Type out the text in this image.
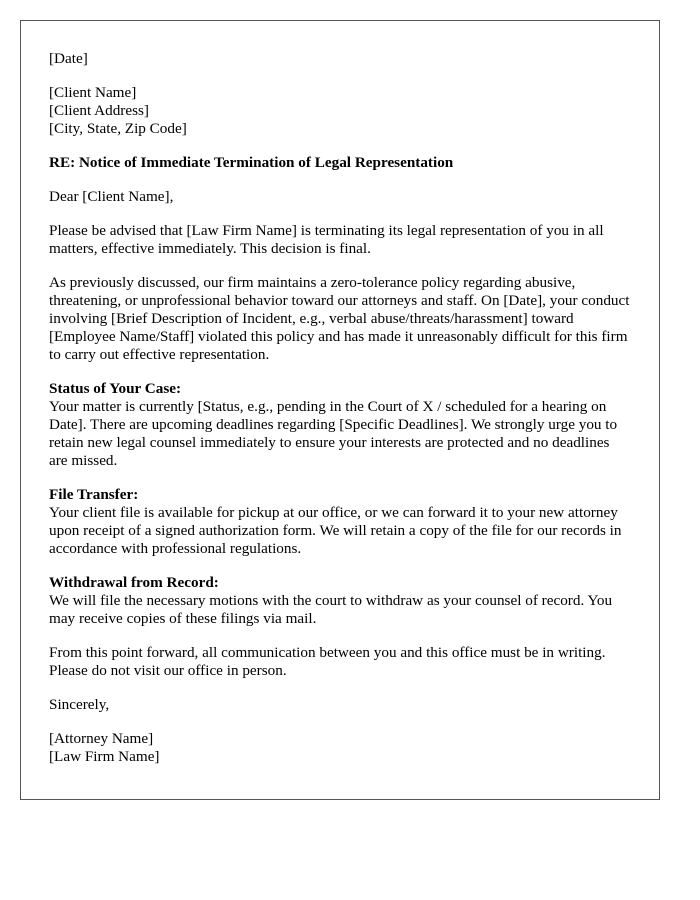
[Date]

[Client Name]
[Client Address]
[City, State, Zip Code]

RE: Notice of Immediate Termination of Legal Representation

Dear [Client Name],

Please be advised that [Law Firm Name] is terminating its legal representation of you in all matters, effective immediately. This decision is final.

As previously discussed, our firm maintains a zero-tolerance policy regarding abusive, threatening, or unprofessional behavior toward our attorneys and staff. On [Date], your conduct involving [Brief Description of Incident, e.g., verbal abuse/threats/harassment] toward [Employee Name/Staff] violated this policy and has made it unreasonably difficult for this firm to carry out effective representation.

Status of Your Case:
Your matter is currently [Status, e.g., pending in the Court of X / scheduled for a hearing on Date]. There are upcoming deadlines regarding [Specific Deadlines]. We strongly urge you to retain new legal counsel immediately to ensure your interests are protected and no deadlines are missed.

File Transfer:
Your client file is available for pickup at our office, or we can forward it to your new attorney upon receipt of a signed authorization form. We will retain a copy of the file for our records in accordance with professional regulations.

Withdrawal from Record:
We will file the necessary motions with the court to withdraw as your counsel of record. You may receive copies of these filings via mail.

From this point forward, all communication between you and this office must be in writing. Please do not visit our office in person.

Sincerely,

[Attorney Name]
[Law Firm Name]
